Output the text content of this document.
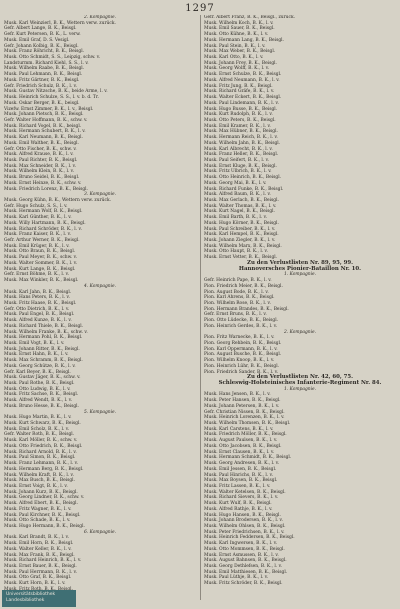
1297
2. Kompagnie.
Musk. Karl Weinzierl, B. K., Wettern verw. zurück.
Gefr. Albert Lange, B. K., Beisgl.
Gefr. Kurt Petersen, B. K., L. verw.
Musk. Emil Graf, D. S. Vesigl.
Gefr. Johann Kolbig, B. K., Beisgl.
Musk. Franz Röhricht, B. K., Beisgl.
Musk. Otto Schmidt, S. S., Leipzig, schw. v.
Landsturmm. Richard Kiehl, S. S., l. v.
Musk. Wilhelm Raabe, B. K., Beisgl.
Musk. Paul Lehmann, B. K., Beisgl.
Musk. Fritz Gärtner, B. K., Beisgl.
Gefr. Friedrich Schulz, B. K., l. v.
Musk. Gustav Nitzsche, B. K., beide Arme, l. v.
Musk. Heinrich Schulze, S. S., l. v. b. d. Tr.
Musk. Oskar Berger, B. K., beisgl.
Vizefw. Ernst Zimmer, B. K., l. v., Beisgl.
Musk. Johann Pietsch, B. K., Beisgl.
Gefr. Walter Hoffmann, B. K., schw. v.
Musk. Richard Vogel, B. K., beisgl.
Musk. Hermann Schubert, B. K., l. v.
Musk. Karl Neumann, B. K., Beisgl.
Musk. Emil Walther, B. K., Beisgl.
Gefr. Otto Fischer, B. K., schw. v.
Musk. Alfred Krause, B. K., l. v.
Musk. Paul Richter, B. K., Beisgl.
Musk. Max Schneider, B. K., l. v.
Musk. Wilhelm Klein, B. K., l. v.
Musk. Bruno Seidel, B. K., Beisgl.
Musk. Ernst Heinze, B. K., schw. v.
Musk. Friedrich Lorenz, B. K., Beisgl.
3. Kompagnie.
Musk. Georg Kühn, B. K., Wettern verw. zurück.
Gefr. Hugo Schulz, S. S., l. v.
Musk. Hermann Wolf, B. K., Beisgl.
Musk. Karl Günther, B. K., l. v.
Musk. Willy Hartmann, B. K., Beisgl.
Musk. Richard Schröder, B. K., l. v.
Musk. Franz Kaiser, B. K., l. v.
Gefr. Arthur Werner, B. K., Beisgl.
Musk. Emil Krüger, B. K., l. v.
Musk. Otto Braun, B. K., Beisgl.
Musk. Paul Meyer, B. K., schw. v.
Musk. Walter Sommer, B. K., l. v.
Musk. Kurt Lange, B. K., Beisgl.
Gefr. Ernst Böhme, B. K., l. v.
Musk. Max Winkler, B. K., Beisgl.
4. Kompagnie.
Musk. Karl Jahn, B. K., Beisgl.
Musk. Hans Peters, B. K., l. v.
Musk. Fritz Haase, B. K., Beisgl.
Gefr. Otto Dietrich, B. K., l. v.
Musk. Paul Engel, B. K., Beisgl.
Musk. Alfred Kunze, B. K., l. v.
Musk. Richard Thiele, B. K., Beisgl.
Musk. Wilhelm Franke, B. K., schw. v.
Musk. Hermann Pohl, B. K., Beisgl.
Musk. Emil Vogt, B. K., l. v.
Musk. Johann Ritter, B. K., Beisgl.
Musk. Ernst Hahn, B. K., l. v.
Musk. Max Schramm, B. K., Beisgl.
Musk. Georg Schütze, B. K., l. v.
Gefr. Karl Beyer, B. K., Beisgl.
Musk. Gustav Jäger, B. K., schw. v.
Musk. Paul Rothe, B. K., Beisgl.
Musk. Otto Ludwig, B. K., l. v.
Musk. Fritz Sachse, B. K., Beisgl.
Musk. Alfred Wendt, B. K., l. v.
Musk. Bruno Hesse, B. K., Beisgl.
5. Kompagnie.
Musk. Hugo Martin, B. K., l. v.
Musk. Kurt Schwarz, B. K., Beisgl.
Musk. Emil Scholz, B. K., l. v.
Gefr. Walter Roth, B. K., Beisgl.
Musk. Karl Möller, B. K., schw. v.
Musk. Otto Friedrich, B. K., Beisgl.
Musk. Richard Arnold, B. K., l. v.
Musk. Paul Simon, B. K., Beisgl.
Musk. Franz Lehmann, B. K., l. v.
Musk. Hermann Berg, B. K., Beisgl.
Musk. Wilhelm Kraft, B. K., l. v.
Musk. Max Busch, B. K., Beisgl.
Musk. Ernst Voigt, B. K., l. v.
Musk. Johann Kurz, B. K., Beisgl.
Musk. Georg Lindner, B. K., schw. v.
Musk. Alfred Ebert, B. K., Beisgl.
Musk. Fritz Wagner, B. K., l. v.
Musk. Paul Kirchner, B. K., Beisgl.
Musk. Otto Schade, B. K., l. v.
Musk. Hugo Hermann, B. K., Beisgl.
6. Kompagnie.
Musk. Karl Brandt, B. K., l. v.
Musk. Emil Horn, B. K., Beisgl.
Musk. Walter Keller, B. K., l. v.
Musk. Max Frank, B. K., Beisgl.
Musk. Richard Heinrich, B. K., l. v.
Musk. Ernst Bauer, B. K., Beisgl.
Musk. Paul Herrmann, B. K., l. v.
Musk. Otto Graf, B. K., Beisgl.
Musk. Kurt Horn, B. K., l. v.
Gefr. Albert Franz, B. K., Beisgl., zurück.
Musk. Wilhelm Koch, B. K., l. v.
Musk. Emil Sauer, B. K., Beisgl.
Musk. Otto Kühne, B. K., l. v.
Musk. Hermann Lang, B. K., Beisgl.
Musk. Paul Stein, B. K., l. v.
Musk. Max Weber, B. K., Beisgl.
Musk. Karl Otto, B. K., l. v.
Musk. Johann Frey, B. K., Beisgl.
Musk. Georg Wolff, B. K., l. v.
Musk. Ernst Schulze, B. K., Beisgl.
Musk. Alfred Neumann, B. K., l. v.
Musk. Fritz Jung, B. K., Beisgl.
Musk. Richard Gräfe, B. K., l. v.
Musk. Walter Eckert, B. K., Beisgl.
Musk. Paul Lindemann, B. K., l. v.
Musk. Hugo Busse, B. K., Beisgl.
Musk. Kurt Rudolph, B. K., l. v.
Musk. Otto Peters, B. K., Beisgl.
Musk. Emil Kramer, B. K., l. v.
Musk. Max Hübner, B. K., Beisgl.
Musk. Hermann Reich, B. K., l. v.
Musk. Wilhelm Jahn, B. K., Beisgl.
Musk. Karl Albrecht, B. K., l. v.
Musk. Franz Heller, B. K., Beisgl.
Musk. Paul Seifert, B. K., l. v.
Musk. Ernst Kluge, B. K., Beisgl.
Musk. Fritz Ulbrich, B. K., l. v.
Musk. Otto Heinrich, B. K., Beisgl.
Musk. Georg Mai, B. K., l. v.
Musk. Richard Funke, B. K., Beisgl.
Musk. Alfred Baum, B. K., l. v.
Musk. Max Gerlach, B. K., Beisgl.
Musk. Walter Thomas, B. K., l. v.
Musk. Kurt Nagel, B. K., Beisgl.
Musk. Emil Barth, B. K., l. v.
Musk. Hugo Körner, B. K., Beisgl.
Musk. Paul Schreiber, B. K., l. v.
Musk. Karl Hempel, B. K., Beisgl.
Musk. Johann Ziegler, B. K., l. v.
Musk. Wilhelm Marx, B. K., Beisgl.
Musk. Otto Haupt, B. K., l. v.
Musk. Ernst Vetter, B. K., Beisgl.
Zu den Verlustlisten Nr. 89, 95, 99.
Hannoversches Pionier-Bataillon Nr. 10.
1. Kompagnie.
Gefr. Heinrich Pape, B. K., l. v.
Pion. Friedrich Meier, B. K., Beisgl.
Pion. August Bode, B. K., l. v.
Pion. Karl Ahrens, B. K., Beisgl.
Pion. Wilhelm Rose, B. K., l. v.
Pion. Hermann Brandes, B. K., Beisgl.
Gefr. Ernst Bruns, B. K., l. v.
Pion. Otto Lüdecke, B. K., Beisgl.
Pion. Heinrich Gerdes, B. K., l. v.
2. Kompagnie.
Pion. Fritz Warnecke, B. K., l. v.
Pion. Georg Rehbein, B. K., Beisgl.
Pion. Karl Oppermann, B. K., l. v.
Pion. August Busche, B. K., Beisgl.
Pion. Wilhelm Knoop, B. K., l. v.
Pion. Heinrich Lühr, B. K., Beisgl.
Pion. Friedrich Sander, B. K., l. v.
Zu den Verlustlisten Nr. 42, 60, 75.
Schleswig-Holsteinisches Infanterie-Regiment Nr. 84.
1. Kompagnie.
Musk. Hans Jensen, B. K., l. v.
Musk. Peter Hansen, B. K., Beisgl.
Musk. Johann Petersen, B. K., l. v.
Gefr. Christian Nissen, B. K., Beisgl.
Musk. Heinrich Lorenzen, B. K., l. v.
Musk. Wilhelm Thomsen, B. K., Beisgl.
Musk. Karl Carstens, B. K., l. v.
Musk. Friedrich Möller, B. K., Beisgl.
Musk. August Paulsen, B. K., l. v.
Musk. Otto Jacobsen, B. K., Beisgl.
Musk. Ernst Clausen, B. K., l. v.
Musk. Hermann Schmidt, B. K., Beisgl.
Musk. Georg Andresen, B. K., l. v.
Musk. Emil Jessen, B. K., Beisgl.
Musk. Paul Hinrichs, B. K., l. v.
Musk. Max Boysen, B. K., Beisgl.
Musk. Fritz Lassen, B. K., l. v.
Musk. Walter Ketelsen, B. K., Beisgl.
Musk. Richard Sievers, B. K., l. v.
Musk. Kurt Wulf, B. K., Beisgl.
Musk. Alfred Rathje, B. K., l. v.
Musk. Hugo Hansen, B. K., Beisgl.
Musk. Johann Brodersen, B. K., l. v.
Musk. Wilhelm Ohlsen, B. K., Beisgl.
Musk. Peter Friedrichsen, B. K., l. v.
Musk. Heinrich Feddersen, B. K., Beisgl.
Musk. Karl Ingwersen, B. K., l. v.
Musk. Otto Mommsen, B. K., Beisgl.
Musk. Ernst Asmussen, B. K., l. v.
Musk. August Bahnsen, B. K., Beisgl.
Musk. Georg Dethlefsen, B. K., l. v.
Musk. Emil Matthiesen, B. K., Beisgl.
Musk. Paul Lüthje, B. K., l. v.
Musk. Fritz Schröder, B. K., Beisgl.
Universitätsbibliothek
Landesbibliothek
